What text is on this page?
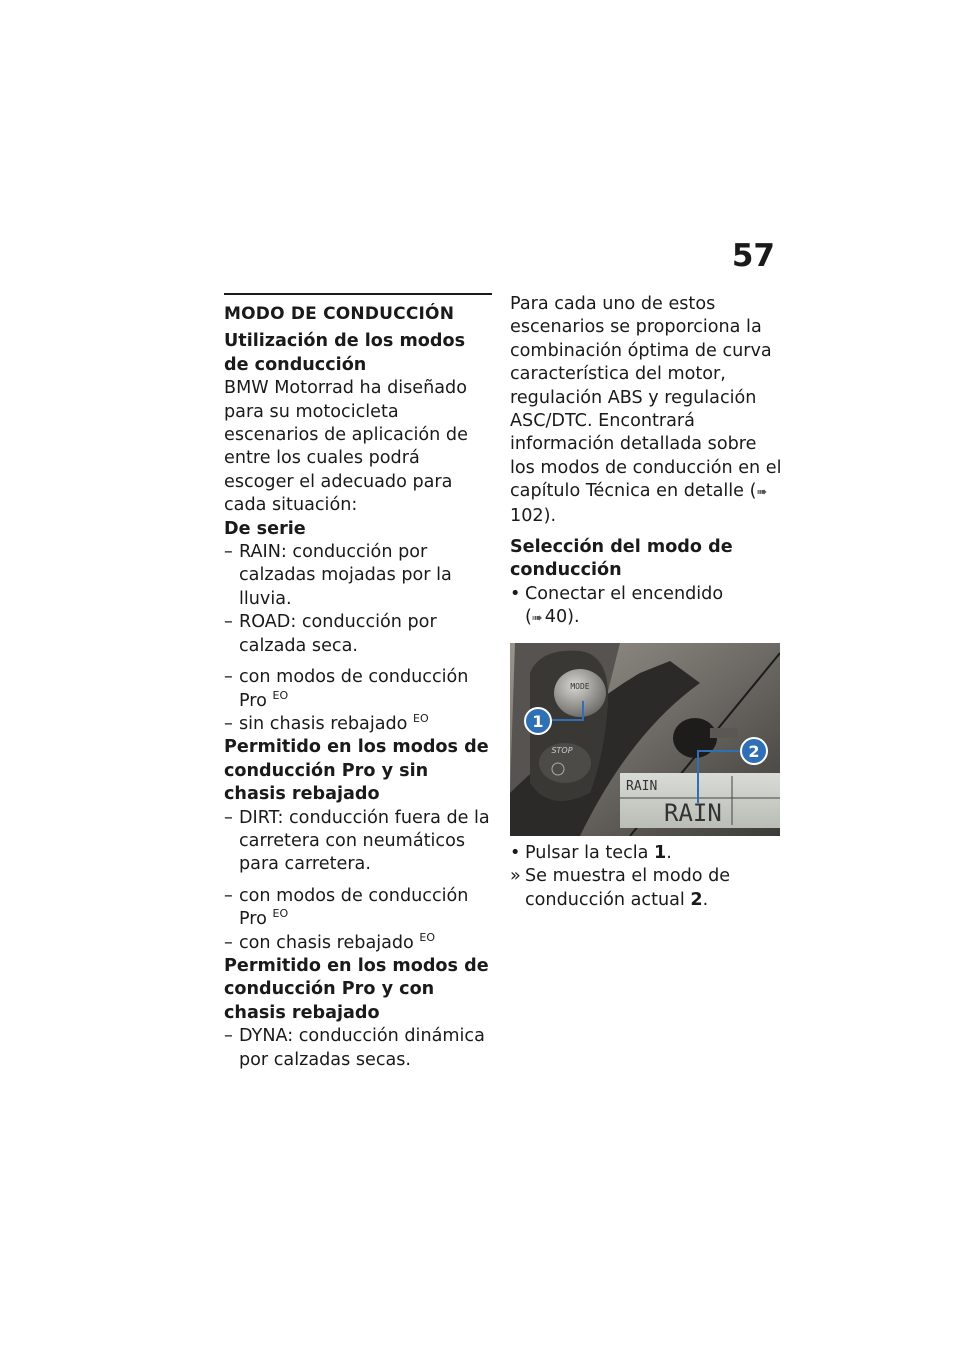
57
MODO DE CONDUCCIÓN

Utilización de los modos de conducción

BMW Motorrad ha diseñado para su motocicleta escenarios de aplicación de entre los cuales podrá escoger el adecuado para cada situación:

De serie

– RAIN: conducción por calzadas mojadas por la lluvia.

– ROAD: conducción por calzada seca.

– con modos de conducción Pro $^{EO}$

– sin chasis rebajado $^{EO}$

Permitido en los modos de conducción Pro y sin chasis rebajado

– DIRT: conducción fuera de la carretera con neumáticos para carretera.

– con modos de conducción Pro $^{EO}$

– con chasis rebajado $^{EO}$

Permitido en los modos de conducción Pro y con chasis rebajado

– DYNA: conducción dinámica por calzadas secas.

Para cada uno de estos escenarios se proporciona la combinación óptima de curva característica del motor, regulación ABS y regulación ASC/DTC. Encontrará información detallada sobre los modos de conducción en el capítulo Técnica en detalle (➠102).

Selección del modo de conducción

• Conectar el encendido
(➠ 40).

MODE
STOP
RAIN
RAIN
1
2

• Pulsar la tecla 1.

» Se muestra el modo de conducción actual 2.
